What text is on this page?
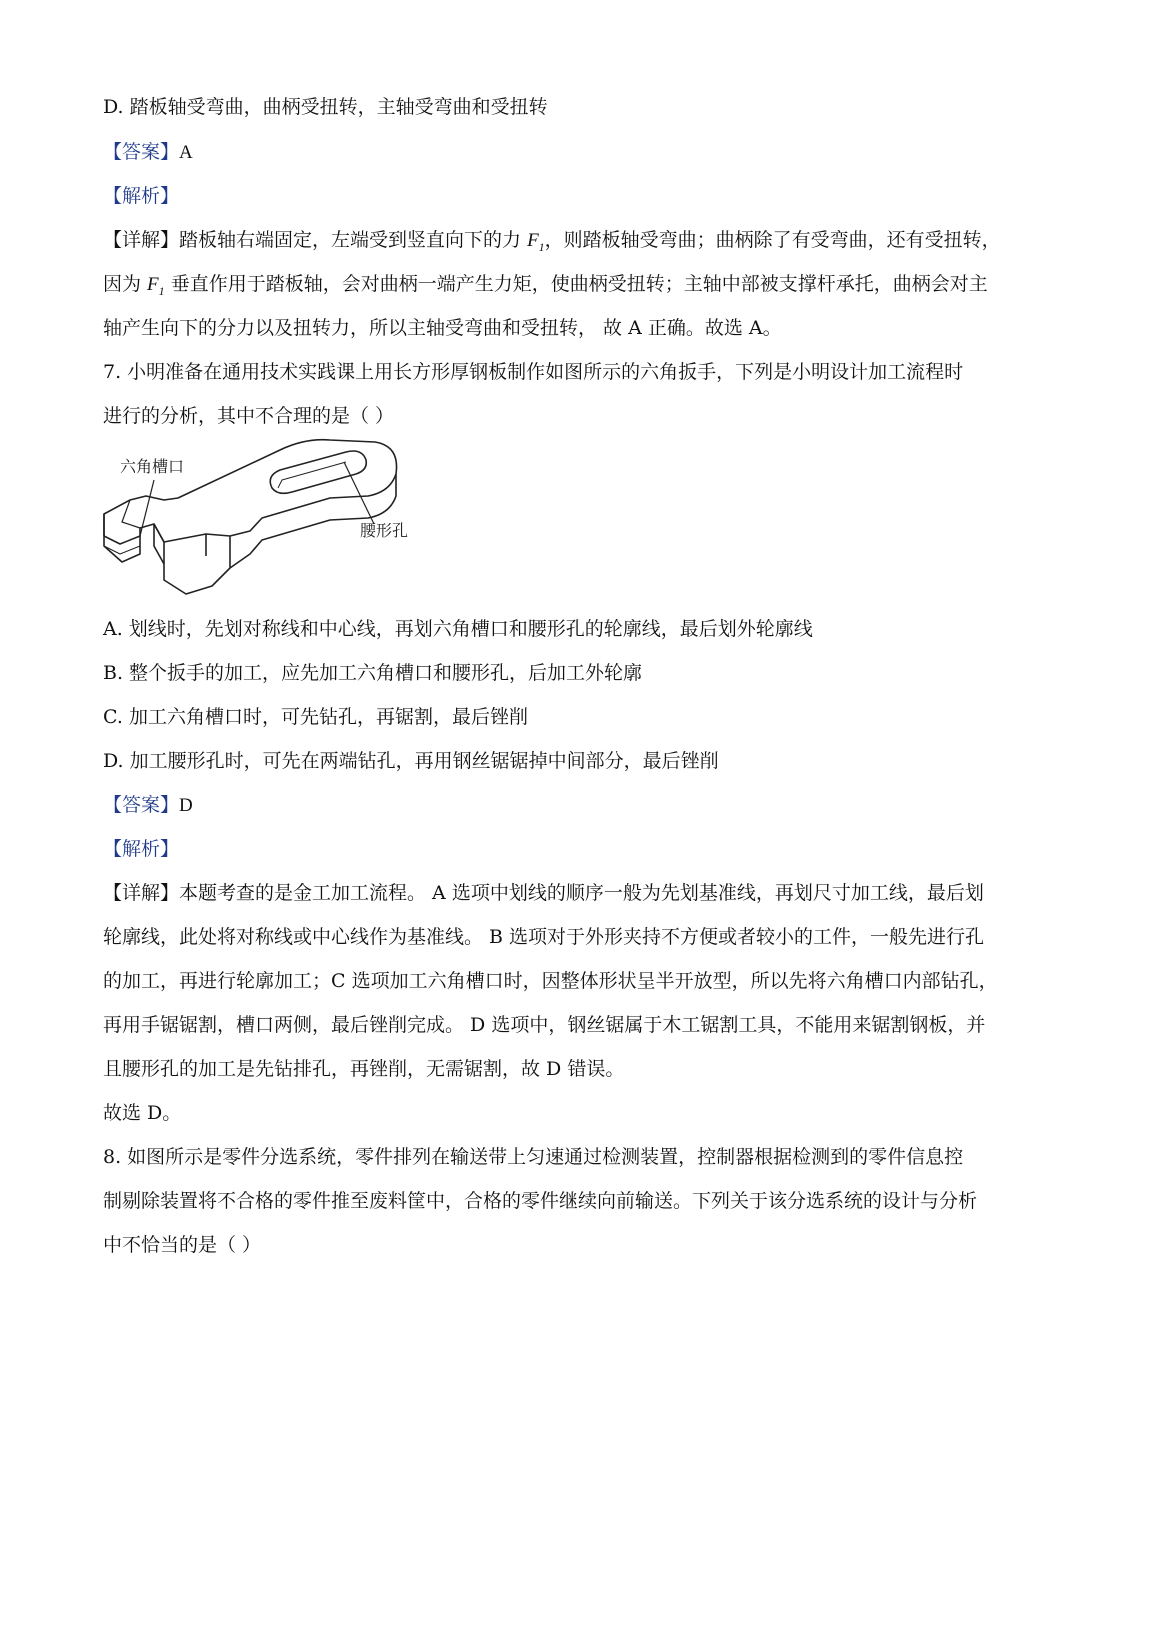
D. 踏板轴受弯曲，曲柄受扭转，主轴受弯曲和受扭转
【答案】A
【解析】
【详解】踏板轴右端固定，左端受到竖直向下的力 $F_1$，则踏板轴受弯曲；曲柄除了有受弯曲，还有受扭转，
因为 $F_1$ 垂直作用于踏板轴，会对曲柄一端产生力矩，使曲柄受扭转；主轴中部被支撑杆承托，曲柄会对主
轴产生向下的分力以及扭转力，所以主轴受弯曲和受扭转， 故 A 正确。故选 A。
7. 小明准备在通用技术实践课上用长方形厚钢板制作如图所示的六角扳手，下列是小明设计加工流程时
进行的分析，其中不合理的是（ ）
六角槽口
腰形孔
A. 划线时，先划对称线和中心线，再划六角槽口和腰形孔的轮廓线，最后划外轮廓线
B. 整个扳手的加工，应先加工六角槽口和腰形孔，后加工外轮廓
C. 加工六角槽口时，可先钻孔，再锯割，最后锉削
D. 加工腰形孔时，可先在两端钻孔，再用钢丝锯锯掉中间部分，最后锉削
【答案】D
【解析】
【详解】本题考查的是金工加工流程。 A 选项中划线的顺序一般为先划基准线，再划尺寸加工线，最后划
轮廓线，此处将对称线或中心线作为基准线。 B 选项对于外形夹持不方便或者较小的工件，一般先进行孔
的加工，再进行轮廓加工；C 选项加工六角槽口时，因整体形状呈半开放型，所以先将六角槽口内部钻孔，
再用手锯锯割，槽口两侧，最后锉削完成。 D 选项中，钢丝锯属于木工锯割工具，不能用来锯割钢板，并
且腰形孔的加工是先钻排孔，再锉削，无需锯割，故 D 错误。
故选 D。
8. 如图所示是零件分选系统，零件排列在输送带上匀速通过检测装置，控制器根据检测到的零件信息控
制剔除装置将不合格的零件推至废料筐中，合格的零件继续向前输送。下列关于该分选系统的设计与分析
中不恰当的是（ ）
